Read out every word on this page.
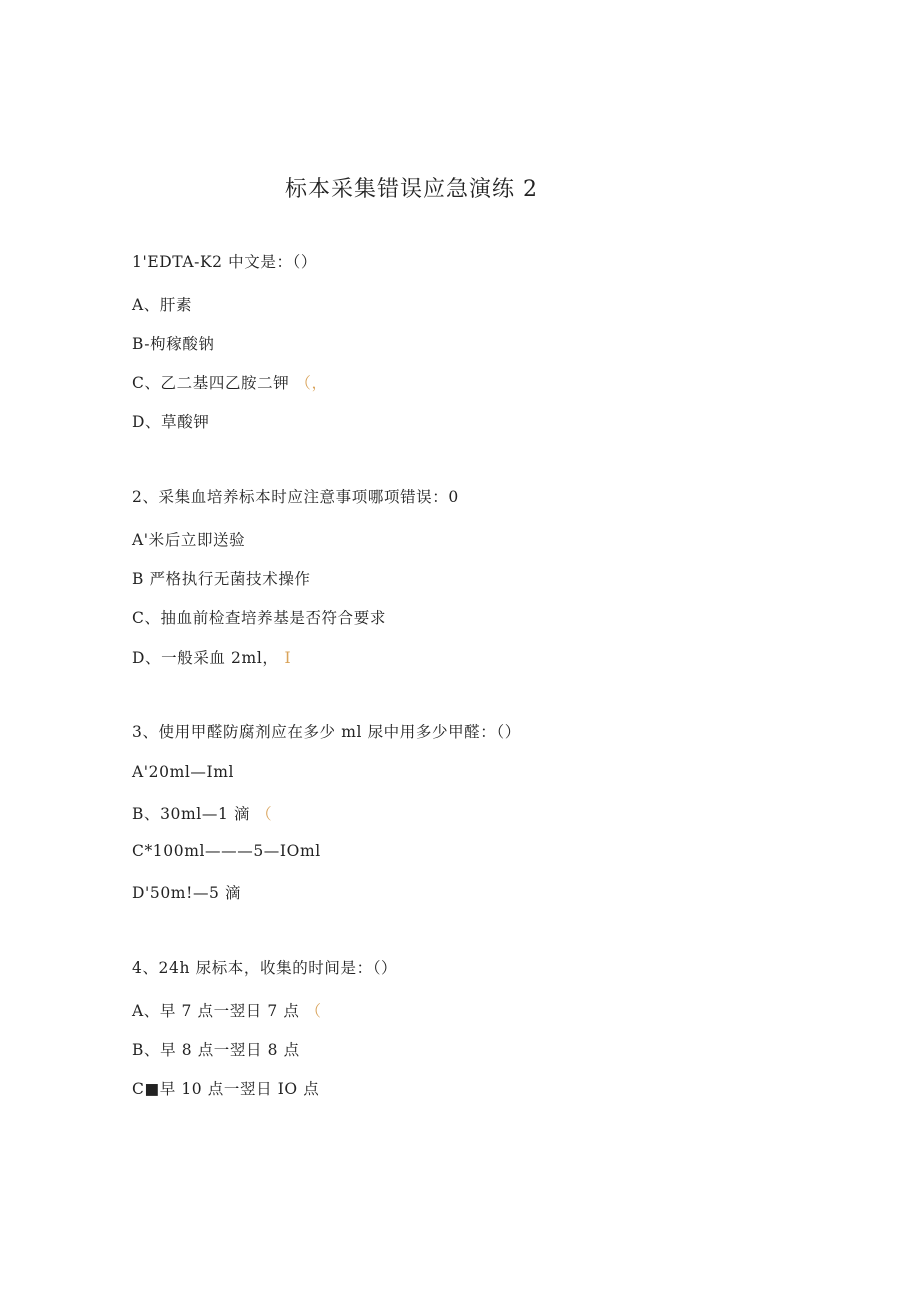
标本采集错误应急演练 2
1'EDTA-K2 中文是：（）
A、肝素
B-枸稼酸钠
C、乙二基四乙胺二钾 （，
D、草酸钾
2、采集血培养标本时应注意事项哪项错误：0
A'米后立即送验
B 严格执行无菌技术操作
C、抽血前检查培养基是否符合要求
D、一般采血 2ml， I
3、使用甲醛防腐剂应在多少 ml 尿中用多少甲醛：（）
A'20ml—Iml
B、30ml—1 滴 （
C*100ml———5—IOml
D'50m!—5 滴
4、24h 尿标本，收集的时间是：（）
A、早 7 点一翌日 7 点 （
B、早 8 点一翌日 8 点
C■早 10 点一翌日 IO 点
